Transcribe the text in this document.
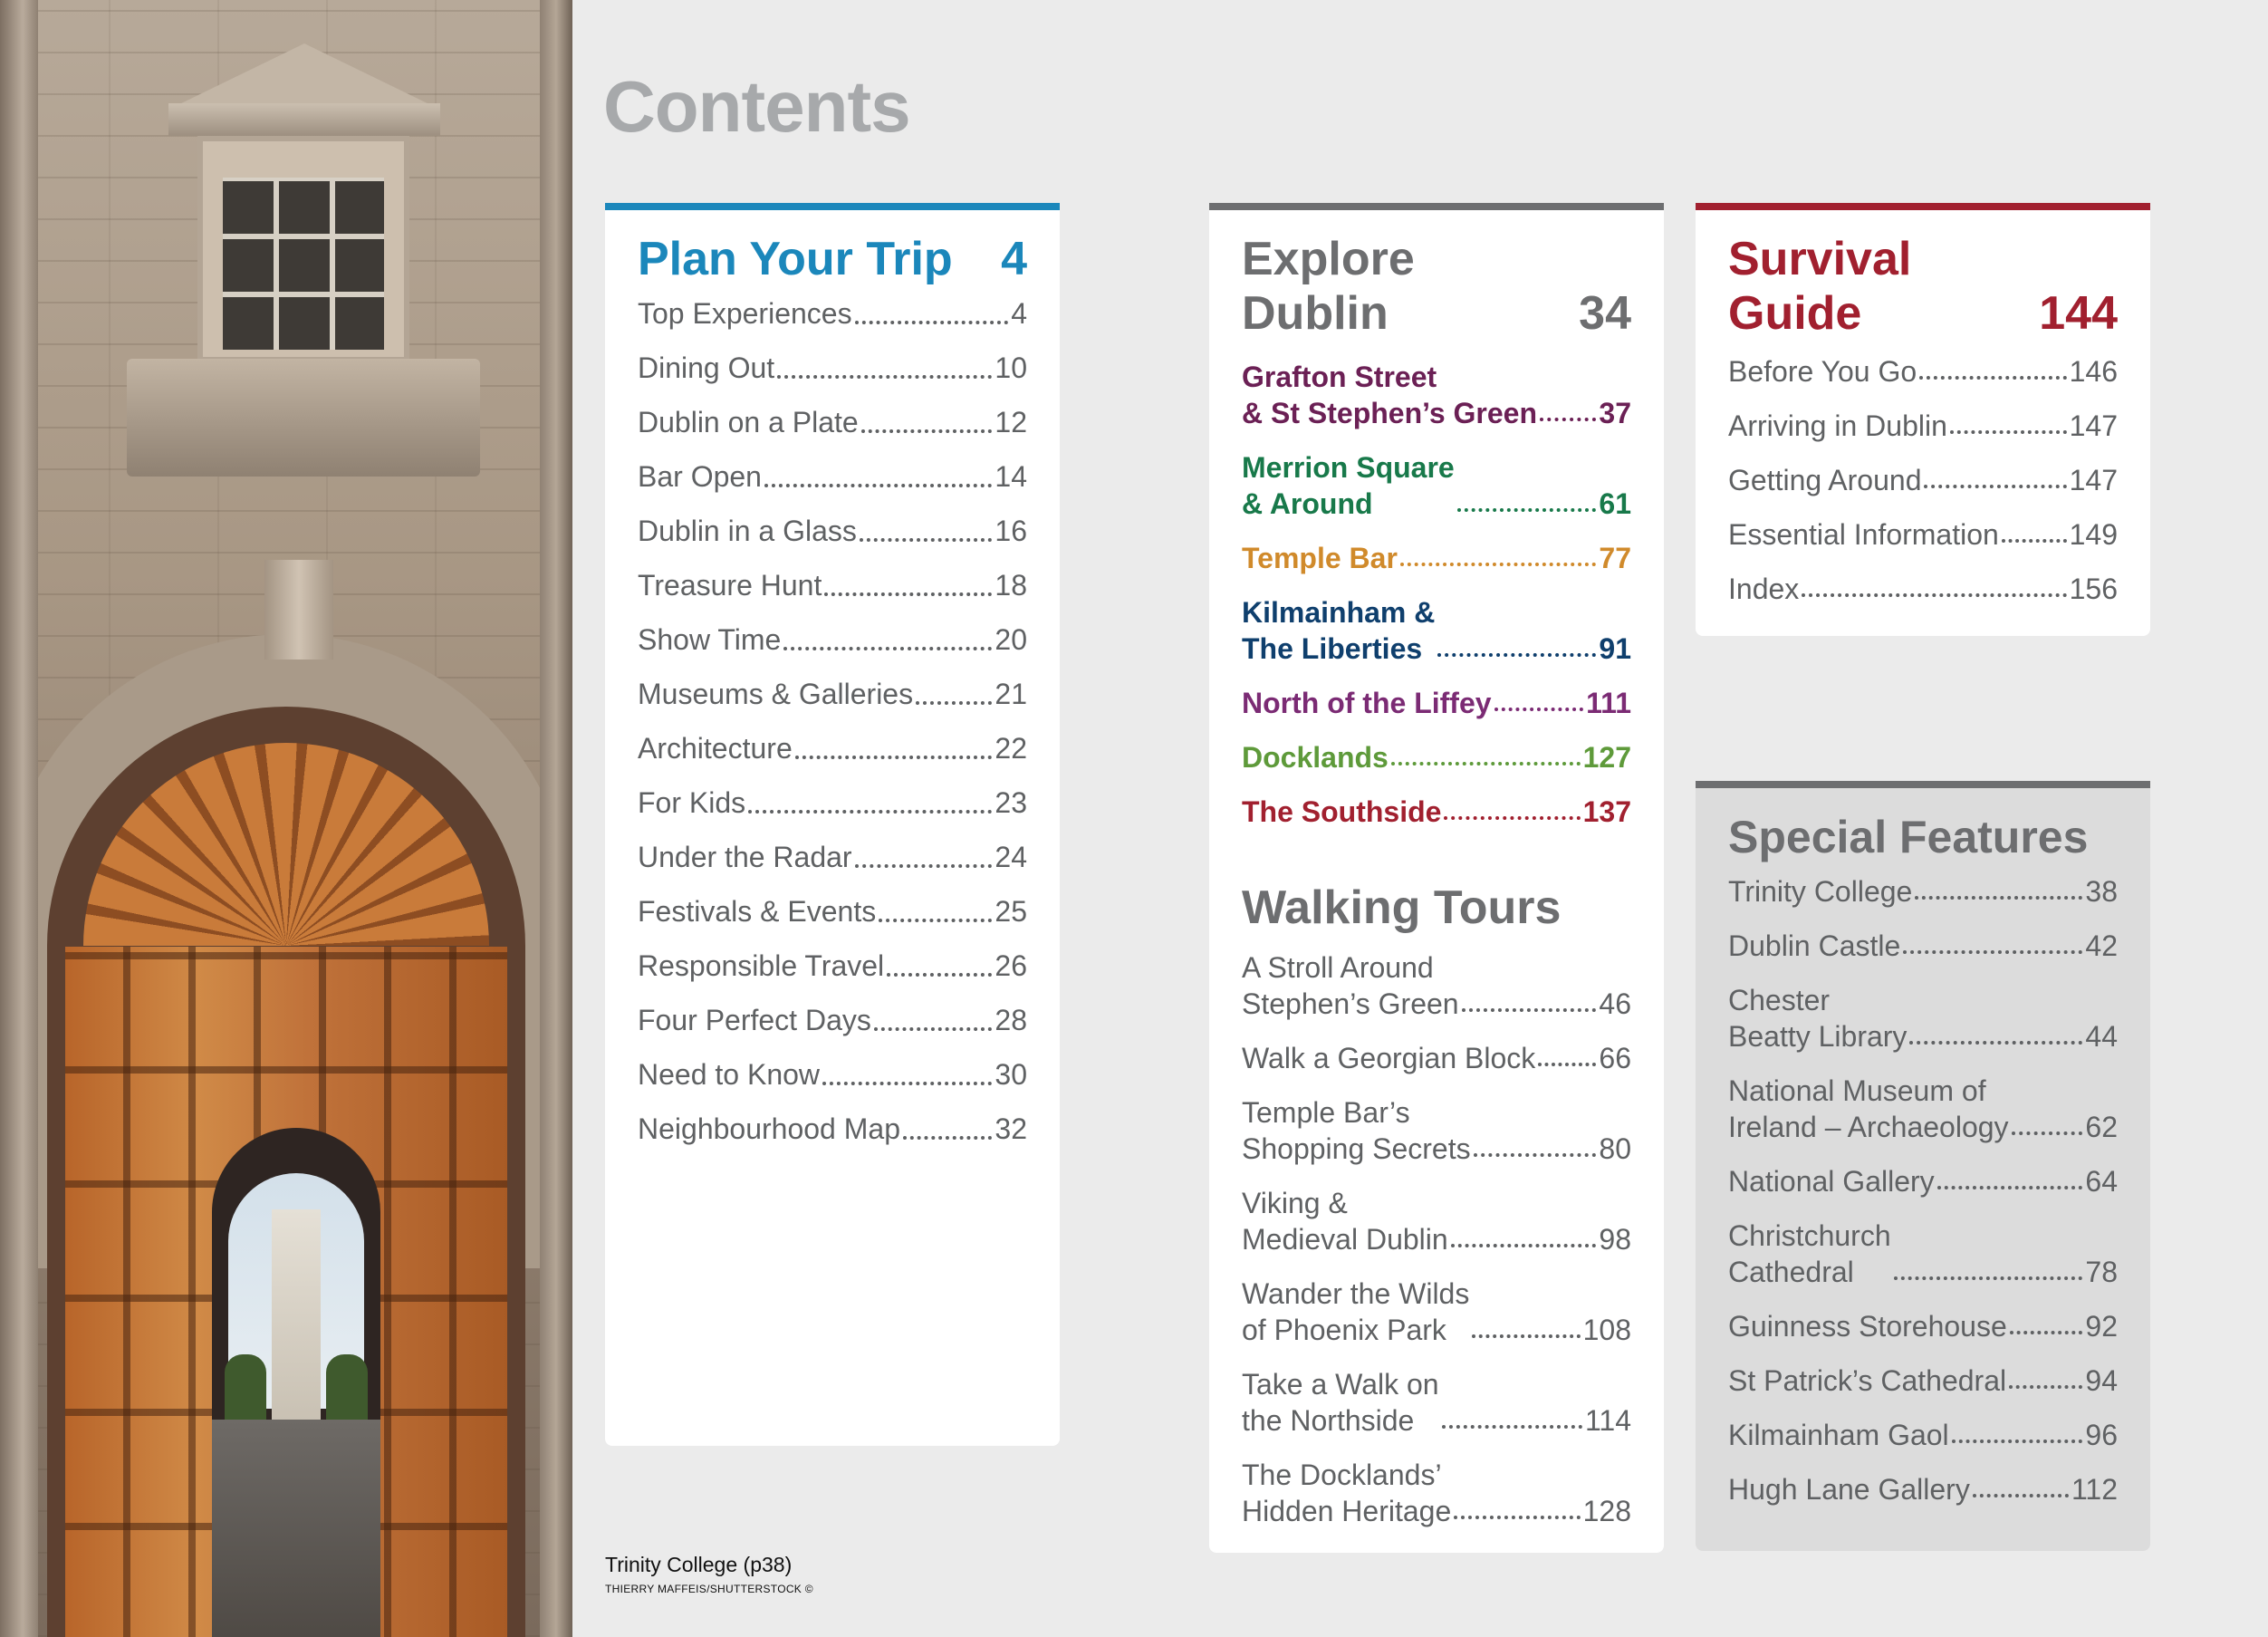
Trinity College (p38)
THIERRY MAFFEIS/SHUTTERSTOCK ©
Contents
Plan Your Trip 4
Top Experiences	4
Dining Out	10
Dublin on a Plate	12
Bar Open	14
Dublin in a Glass	16
Treasure Hunt	18
Show Time	20
Museums & Galleries	21
Architecture	22
For Kids	23
Under the Radar	24
Festivals & Events	25
Responsible Travel	26
Four Perfect Days	28
Need to Know	30
Neighbourhood Map	32
Explore
Dublin	34
Grafton Street
& St Stephen’s Green 37
Merrion Square
& Around	61
Temple Bar	77
Kilmainham &
The Liberties	91
North of the Liffey	111
Docklands	127
The Southside	137
Walking Tours
A Stroll Around
Stephen’s Green	46
Walk a Georgian Block 66
Temple Bar’s
Shopping Secrets	80
Viking &
Medieval Dublin	98
Wander the Wilds
of Phoenix Park	108
Take a Walk on
the Northside	114
The Docklands’
Hidden Heritage	128
Survival
Guide	144
Before You Go	146
Arriving in Dublin	147
Getting Around	147
Essential Information 149
Index	156
Special Features
Trinity College	38
Dublin Castle	42
Chester
Beatty Library	44
National Museum of
Ireland – Archaeology	62
National Gallery	64
Christchurch
Cathedral	78
Guinness Storehouse	92
St Patrick’s Cathedral	94
Kilmainham Gaol	96
Hugh Lane Gallery	112
